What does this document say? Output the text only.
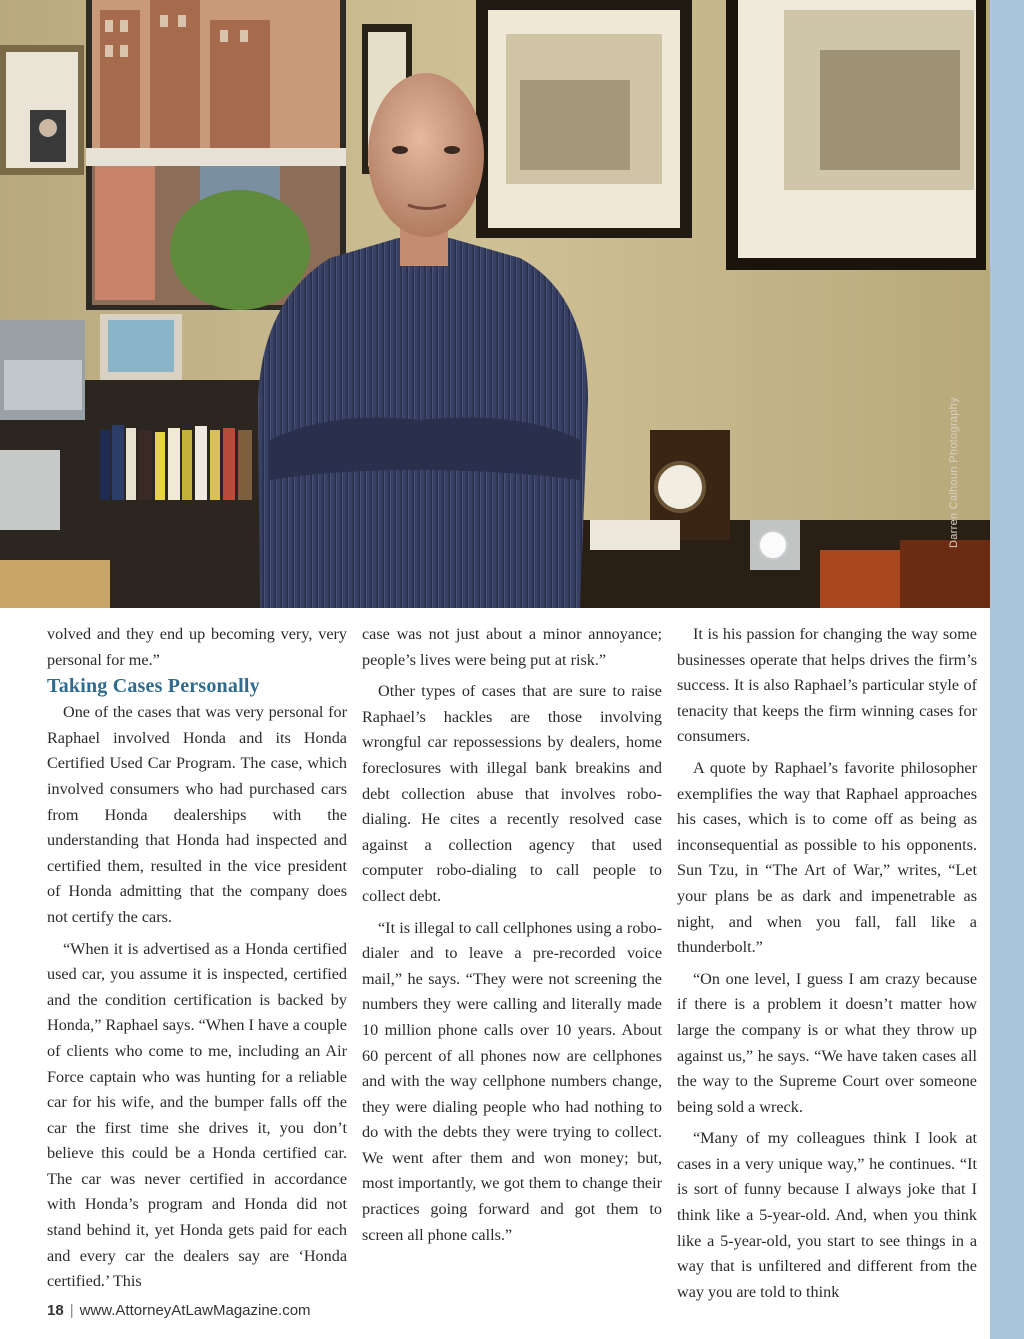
Darren Calhoun Photography

volved and they end up becoming very, very personal for me.”

Taking Cases Personally

One of the cases that was very personal for Raphael involved Honda and its Honda Certified Used Car Program. The case, which involved consumers who had purchased cars from Honda dealerships with the understanding that Honda had inspected and certified them, resulted in the vice president of Honda admitting that the company does not certify the cars.

“When it is advertised as a Honda certified used car, you assume it is inspected, certified and the condition certification is backed by Honda,” Raphael says. “When I have a couple of clients who come to me, including an Air Force captain who was hunting for a reliable car for his wife, and the bumper falls off the car the first time she drives it, you don’t believe this could be a Honda certified car. The car was never certified in accordance with Honda’s program and Honda did not stand behind it, yet Honda gets paid for each and every car the dealers say are ‘Honda certified.’ This

case was not just about a minor annoyance; people’s lives were being put at risk.”

Other types of cases that are sure to raise Raphael’s hackles are those involving wrongful car repossessions by dealers, home foreclosures with illegal bank breakins and debt collection abuse that involves robo-dialing. He cites a recently resolved case against a collection agency that used computer robo-dialing to call people to collect debt.

“It is illegal to call cellphones using a robo-dialer and to leave a pre-recorded voice mail,” he says. “They were not screening the numbers they were calling and literally made 10 million phone calls over 10 years. About 60 percent of all phones now are cellphones and with the way cellphone numbers change, they were dialing people who had nothing to do with the debts they were trying to collect. We went after them and won money; but, most importantly, we got them to change their practices going forward and got them to screen all phone calls.”

It is his passion for changing the way some businesses operate that helps drives the firm’s success. It is also Raphael’s particular style of tenacity that keeps the firm winning cases for consumers.

A quote by Raphael’s favorite philosopher exemplifies the way that Raphael approaches his cases, which is to come off as being as inconsequential as possible to his opponents. Sun Tzu, in “The Art of War,” writes, “Let your plans be as dark and impenetrable as night, and when you fall, fall like a thunderbolt.”

“On one level, I guess I am crazy because if there is a problem it doesn’t matter how large the company is or what they throw up against us,” he says. “We have taken cases all the way to the Supreme Court over someone being sold a wreck.

“Many of my colleagues think I look at cases in a very unique way,” he continues. “It is sort of funny because I always joke that I think like a 5-year-old. And, when you think like a 5-year-old, you start to see things in a way that is unfiltered and different from the way you are told to think

18 | www.AttorneyAtLawMagazine.com
